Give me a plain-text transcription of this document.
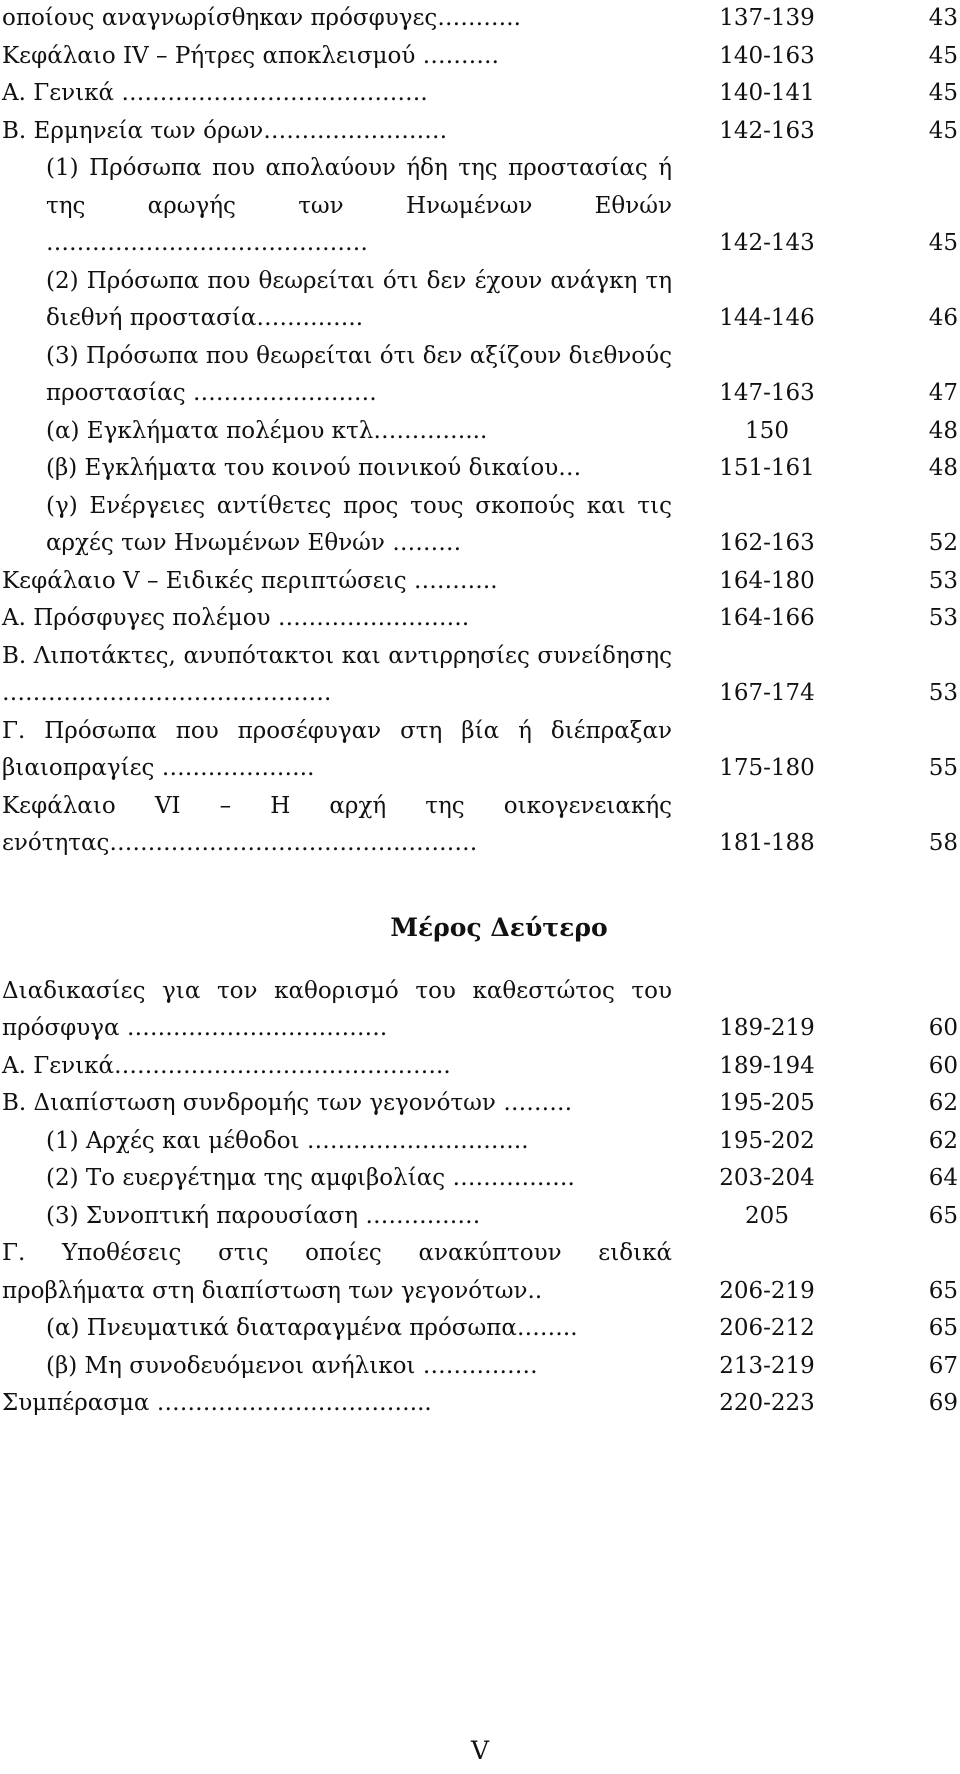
οποίους αναγνωρίσθηκαν πρόσφυγες………..	137-139	43
Κεφάλαιο IV – Ρήτρες αποκλεισμού ……….	140-163	45
A. Γενικά ………………………………….	140-141	45
B. Ερμηνεία των όρων……………………	142-163	45
(1) Πρόσωπα που απολαύουν ήδη της προστασίας ή της αρωγής των Ηνωμένων Εθνών ……………………………………	142-143	45
(2) Πρόσωπα που θεωρείται ότι δεν έχουν ανάγκη τη διεθνή προστασία…………..	144-146	46
(3) Πρόσωπα που θεωρείται ότι δεν αξίζουν διεθνούς προστασίας ……………………	147-163	47
(α) Εγκλήματα πολέμου κτλ…………...	150	48
(β) Εγκλήματα του κοινού ποινικού δικαίου…	151-161	48
(γ) Ενέργειες αντίθετες προς τους σκοπούς και τις αρχές των Ηνωμένων Εθνών ………	162-163	52
Κεφάλαιο V – Ειδικές περιπτώσεις ………..	164-180	53
A. Πρόσφυγες πολέμου …………………….	164-166	53
B. Λιποτάκτες, ανυπότακτοι και αντιρρησίες συνείδησης …………………………………….	167-174	53
Γ. Πρόσωπα που προσέφυγαν στη βία ή διέπραξαν βιαιοπραγίες ………………..	175-180	55
Κεφάλαιο VI – Η αρχή της οικογενειακής ενότητας…………………………………………	181-188	58
Μέρος Δεύτερο
Διαδικασίες για τον καθορισμό του καθεστώτος του πρόσφυγα …………………………….	189-219	60
A. Γενικά……………………………………..	189-194	60
B. Διαπίστωση συνδρομής των γεγονότων ………	195-205	62
(1) Αρχές και μέθοδοι ………………………..	195-202	62
(2) Το ευεργέτημα της αμφιβολίας …………….	203-204	64
(3) Συνοπτική παρουσίαση ……………	205	65
Γ. Υποθέσεις στις οποίες ανακύπτουν ειδικά προβλήματα στη διαπίστωση των γεγονότων..	206-219	65
(α) Πνευματικά διαταραγμένα πρόσωπα……..	206-212	65
(β) Μη συνοδευόμενοι ανήλικοι ……………	213-219	67
Συμπέρασμα ……………………………...	220-223	69
V
